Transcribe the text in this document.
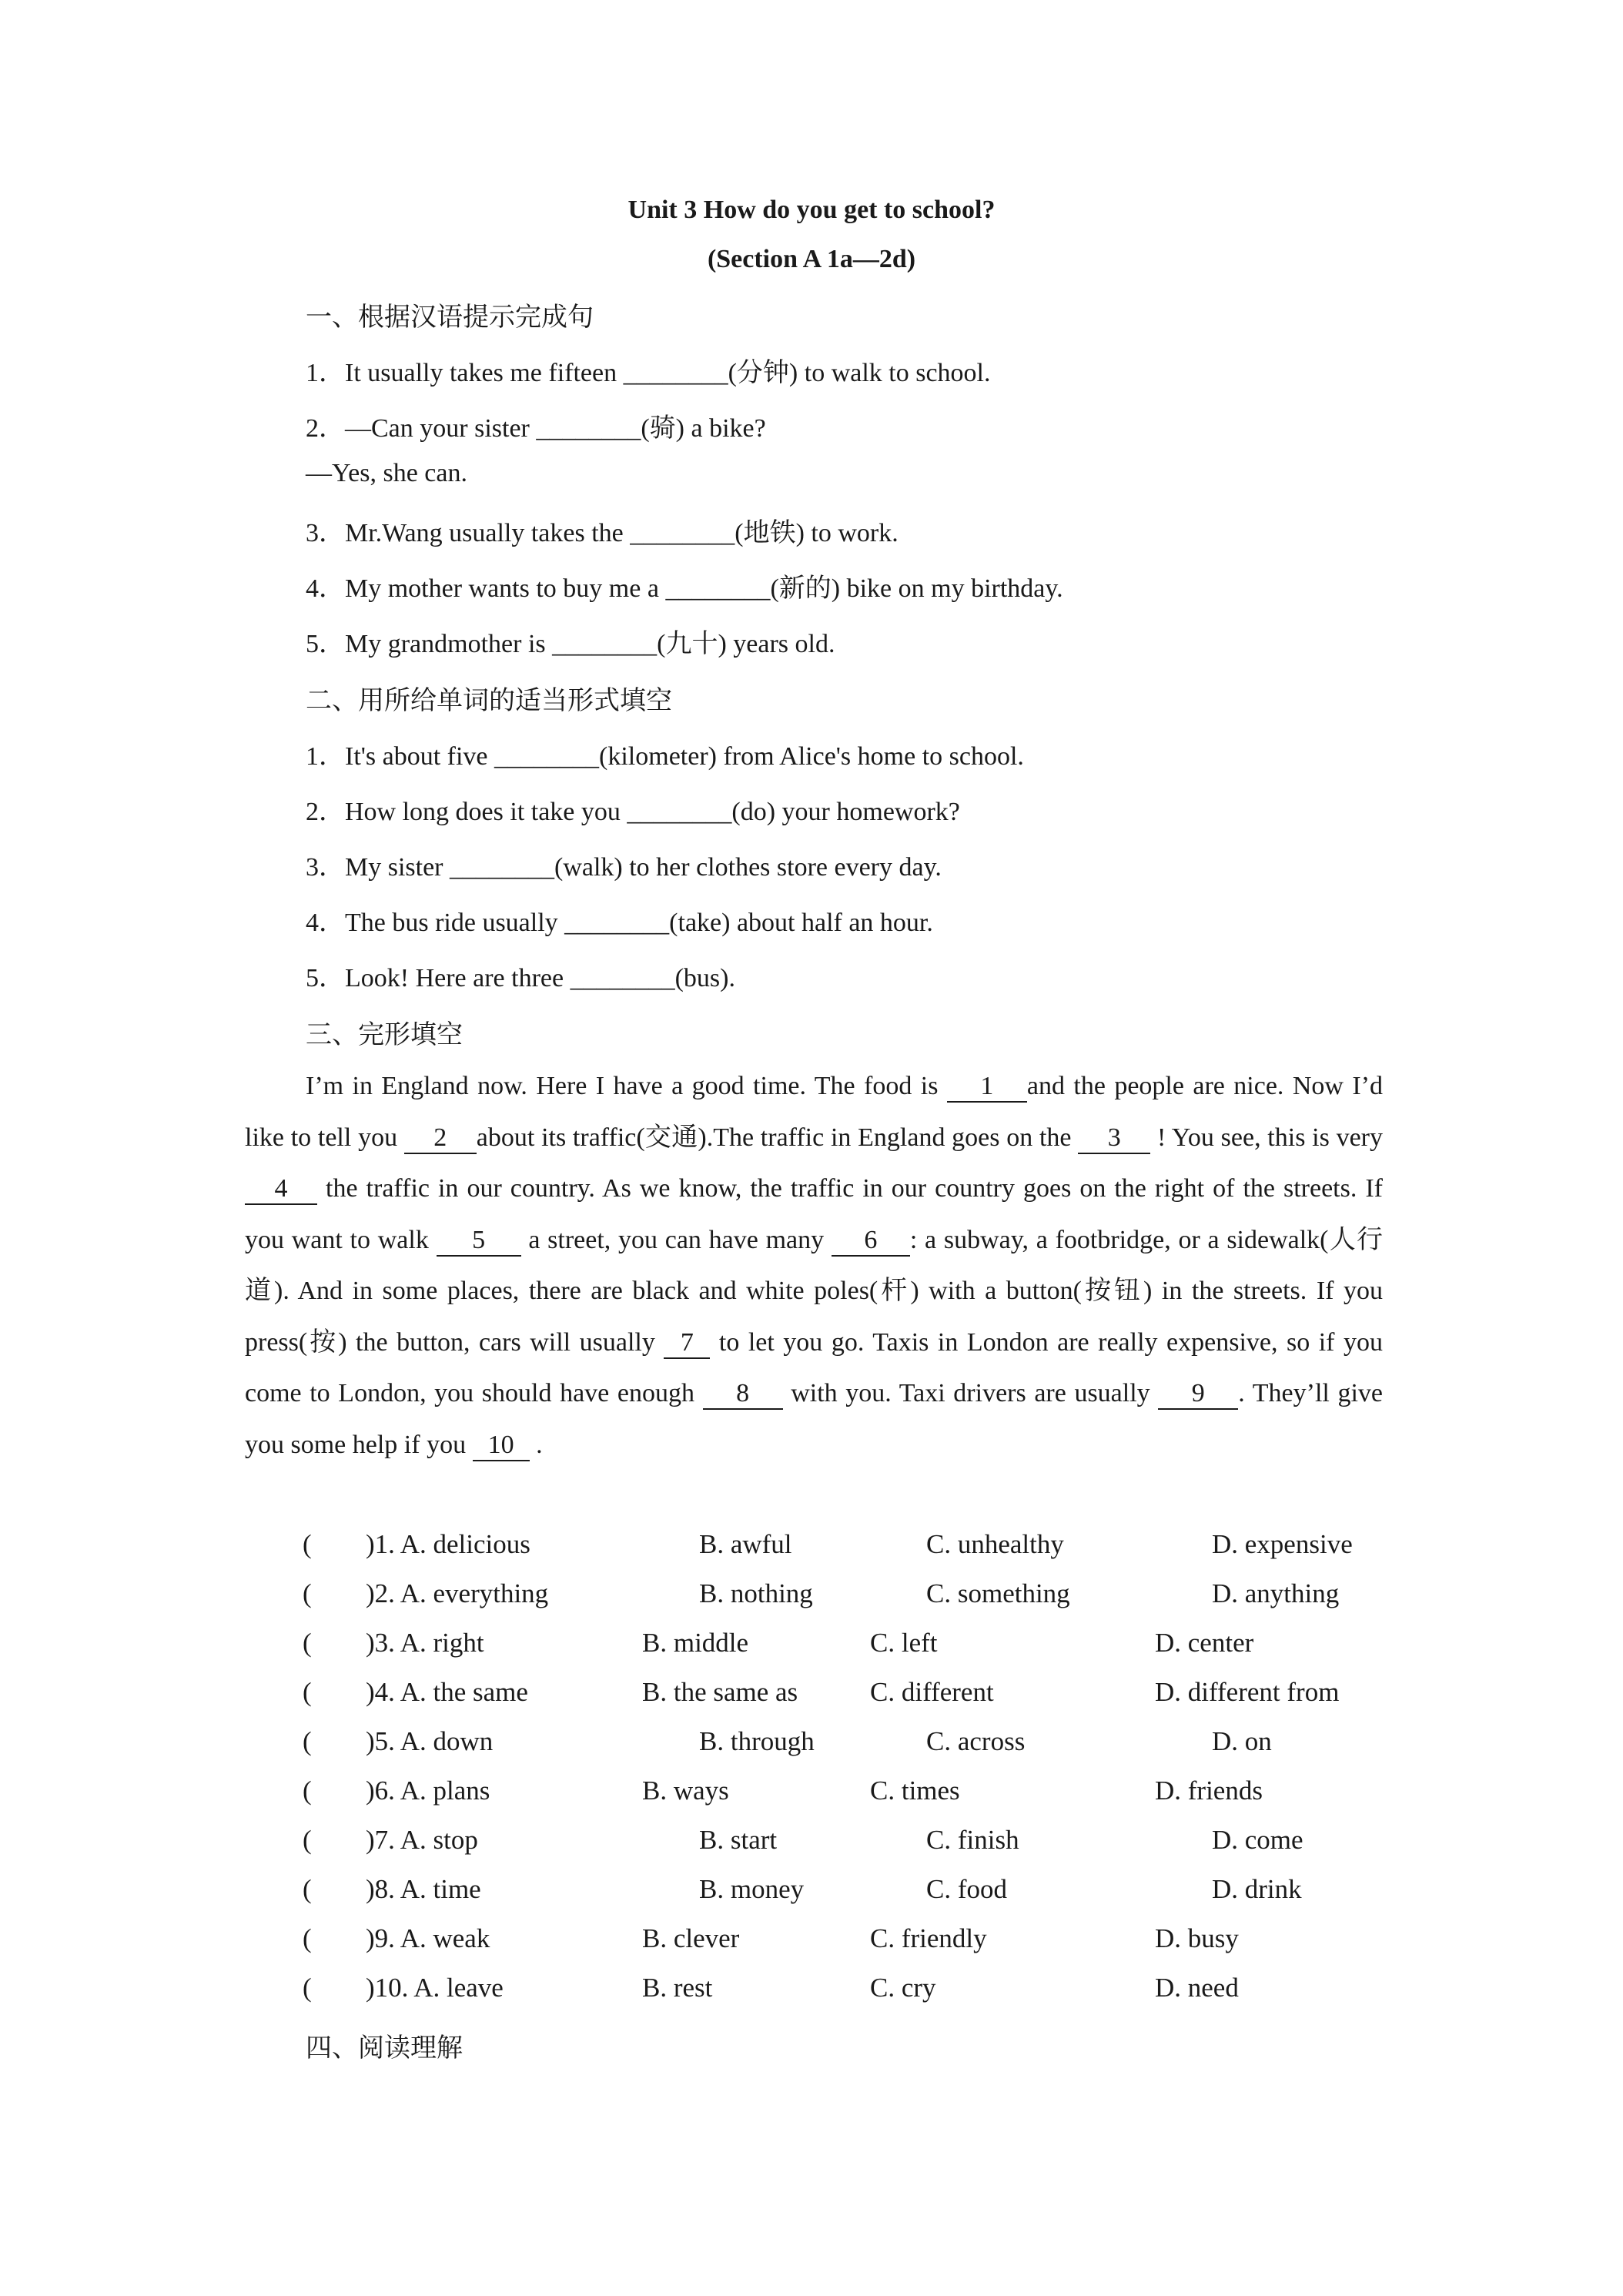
Unit 3 How do you get to school?
(Section A 1a—2d)
一、根据汉语提示完成句
1．It usually takes me fifteen ________(分钟) to walk to school.
2．—Can your sister ________(骑) a bike?
—Yes, she can.
3．Mr.Wang usually takes the ________(地铁) to work.
4．My mother wants to buy me a ________(新的) bike on my birthday.
5．My grandmother is ________(九十) years old.
二、用所给单词的适当形式填空
1．It's about five ________(kilometer) from Alice's home to school.
2．How long does it take you ________(do) your homework?
3．My sister ________(walk) to her clothes store every day.
4．The bus ride usually ________(take) about half an hour.
5．Look! Here are three ________(bus).
三、完形填空
I’m in England now. Here I have a good time. The food is 1 and the people are nice. Now I’d like to tell you 2 about its traffic(交通).The traffic in England goes on the 3 ! You see, this is very 4 the traffic in our country. As we know, the traffic in our country goes on the right of the streets. If you want to walk 5 a street, you can have many 6 : a subway, a footbridge, or a sidewalk(人行道). And in some places, there are black and white poles(杆) with a button(按钮) in the streets. If you press(按) the button, cars will usually 7 to let you go. Taxis in London are really expensive, so if you come to London, you should have enough 8 with you. Taxi drivers are usually 9 . They’ll give you some help if you 10 .
( )1. A. delicious	B. awful	C. unhealthy	D. expensive
( )2. A. everything	B. nothing	C. something	D. anything
( )3. A. right	B. middle	C. left	D. center
( )4. A. the same	B. the same as	C. different	D. different from
( )5. A. down	B. through	C. across	D. on
( )6. A. plans	B. ways	C. times	D. friends
( )7. A. stop	B. start	C. finish	D. come
( )8. A. time	B. money	C. food	D. drink
( )9. A. weak	B. clever	C. friendly	D. busy
( )10. A. leave	B. rest	C. cry	D. need
四、阅读理解
